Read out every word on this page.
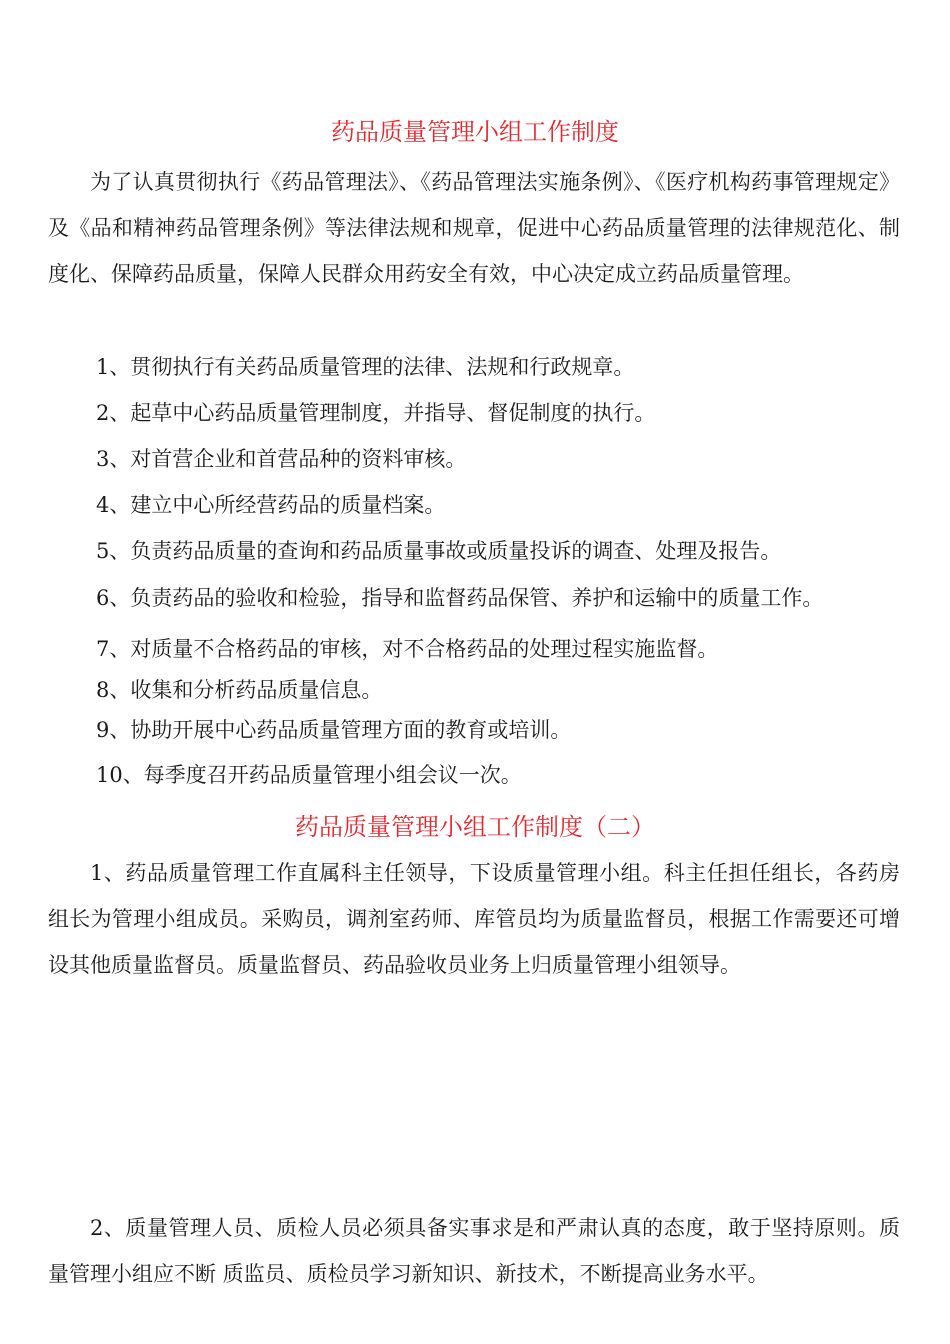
药品质量管理小组工作制度

为了认真贯彻执行《药品管理法》、《药品管理法实施条例》、《医疗机构药事管理规定》及《品和精神药品管理条例》等法律法规和规章，促进中心药品质量管理的法律规范化、制度化、保障药品质量，保障人民群众用药安全有效，中心决定成立药品质量管理。

1、贯彻执行有关药品质量管理的法律、法规和行政规章。

2、起草中心药品质量管理制度，并指导、督促制度的执行。

3、对首营企业和首营品种的资料审核。

4、建立中心所经营药品的质量档案。

5、负责药品质量的查询和药品质量事故或质量投诉的调查、处理及报告。

6、负责药品的验收和检验，指导和监督药品保管、养护和运输中的质量工作。

7、对质量不合格药品的审核，对不合格药品的处理过程实施监督。

8、收集和分析药品质量信息。

9、协助开展中心药品质量管理方面的教育或培训。

10、每季度召开药品质量管理小组会议一次。

药品质量管理小组工作制度（二）

1、药品质量管理工作直属科主任领导，下设质量管理小组。科主任担任组长，各药房组长为管理小组成员。采购员，调剂室药师、库管员均为质量监督员，根据工作需要还可增设其他质量监督员。质量监督员、药品验收员业务上归质量管理小组领导。

2、质量管理人员、质检人员必须具备实事求是和严肃认真的态度，敢于坚持原则。质量管理小组应不断 质监员、质检员学习新知识、新技术，不断提高业务水平。
